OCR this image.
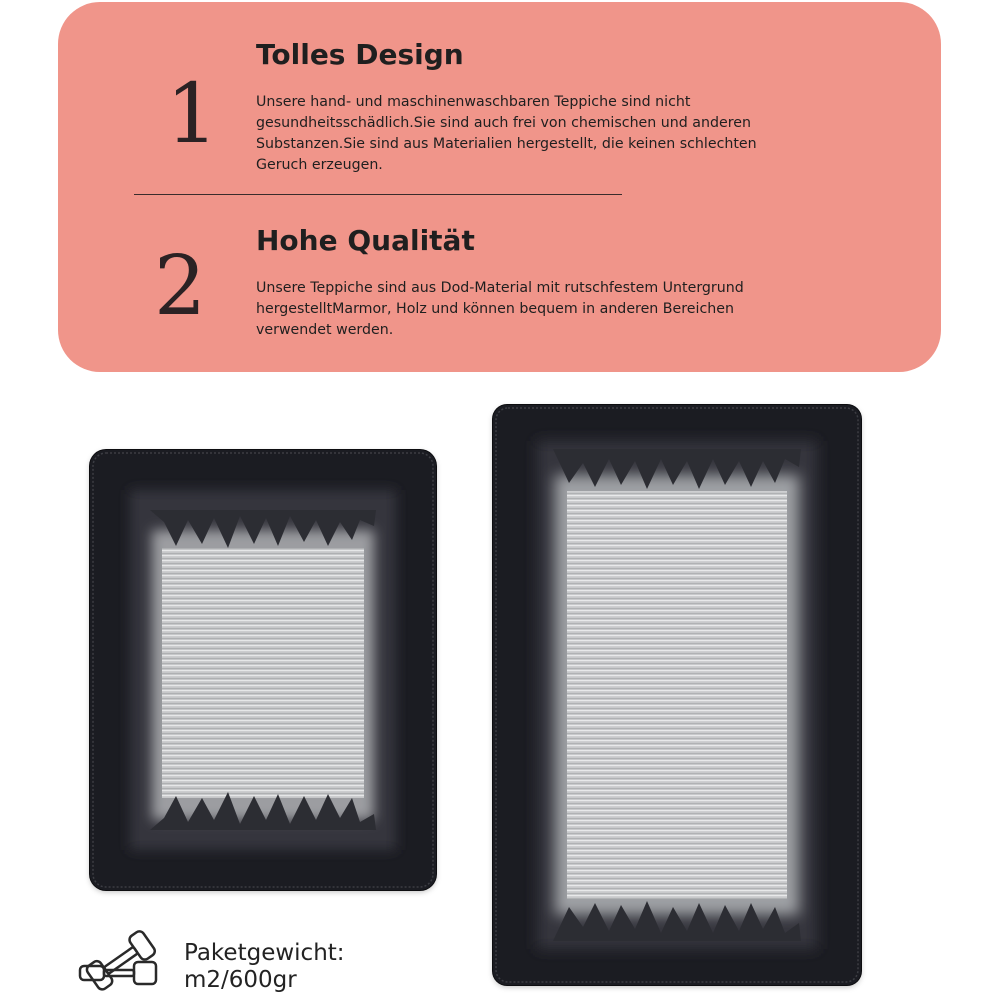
1
Tolles Design
Unsere hand- und maschinenwaschbaren Teppiche sind nicht
gesundheitsschädlich.Sie sind auch frei von chemischen und anderen
Substanzen.Sie sind aus Materialien hergestellt, die keinen schlechten
Geruch erzeugen.
2 Hohe Qualität
Unsere Teppiche sind aus Dod-Material mit rutschfestem Untergrund
hergestelltMarmor, Holz und können bequem in anderen Bereichen
verwendet werden.
Paketgewicht:
m2/600gr
